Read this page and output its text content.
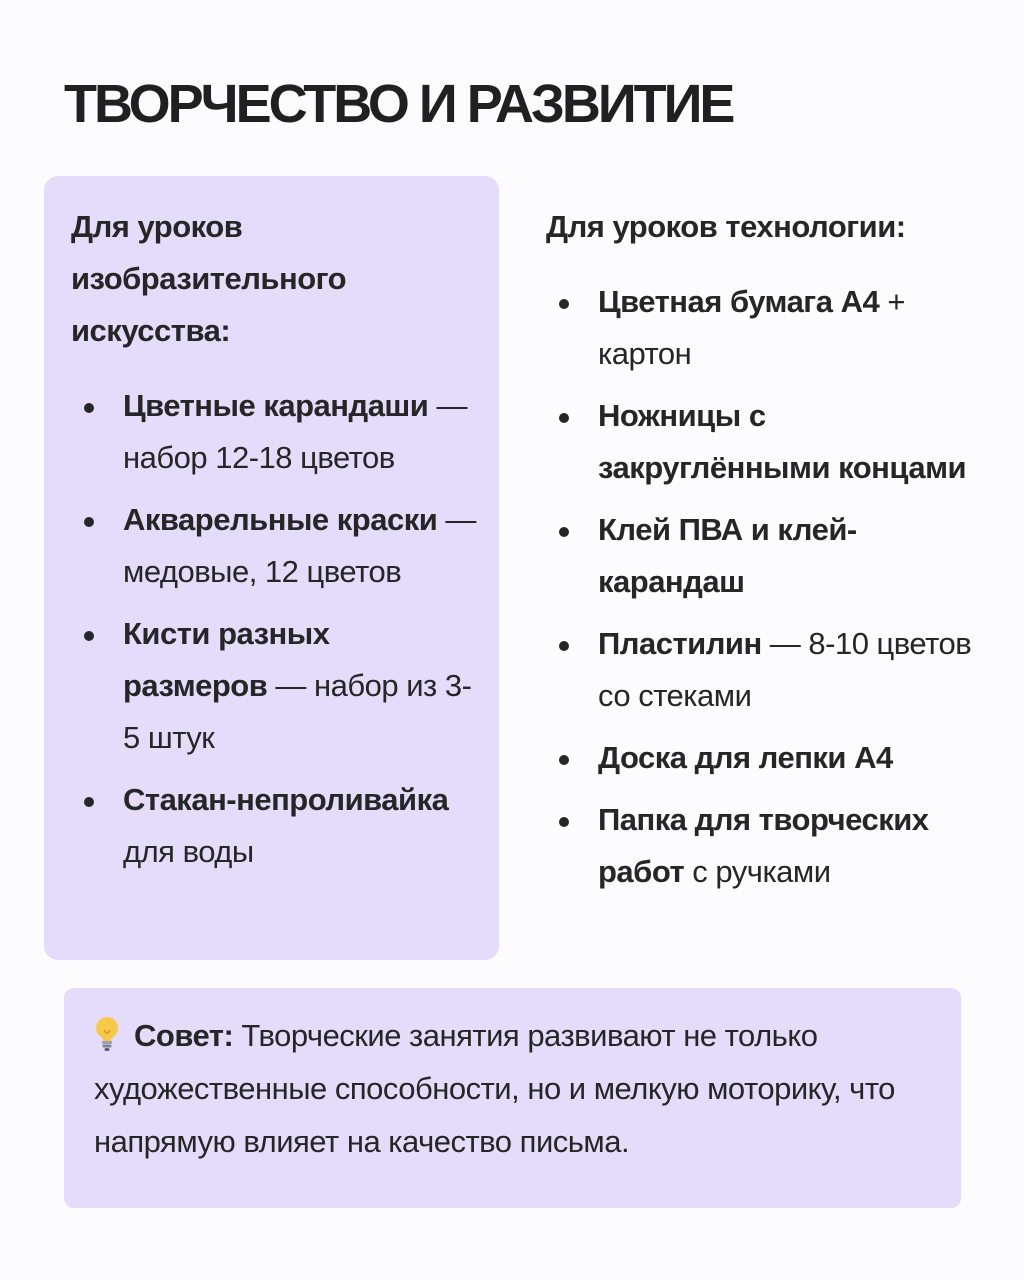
ТВОРЧЕСТВО И РАЗВИТИЕ
Для уроков изобразительного искусства:
Цветные карандаши — набор 12-18 цветов
Акварельные краски — медовые, 12 цветов
Кисти разных размеров — набор из 3-5 штук
Стакан-непроливайка для воды
Для уроков технологии:
Цветная бумага А4 + картон
Ножницы с закруглёнными концами
Клей ПВА и клей-карандаш
Пластилин — 8-10 цветов со стеками
Доска для лепки А4
Папка для творческих работ с ручками
Совет: Творческие занятия развивают не только художественные способности, но и мелкую моторику, что напрямую влияет на качество письма.
